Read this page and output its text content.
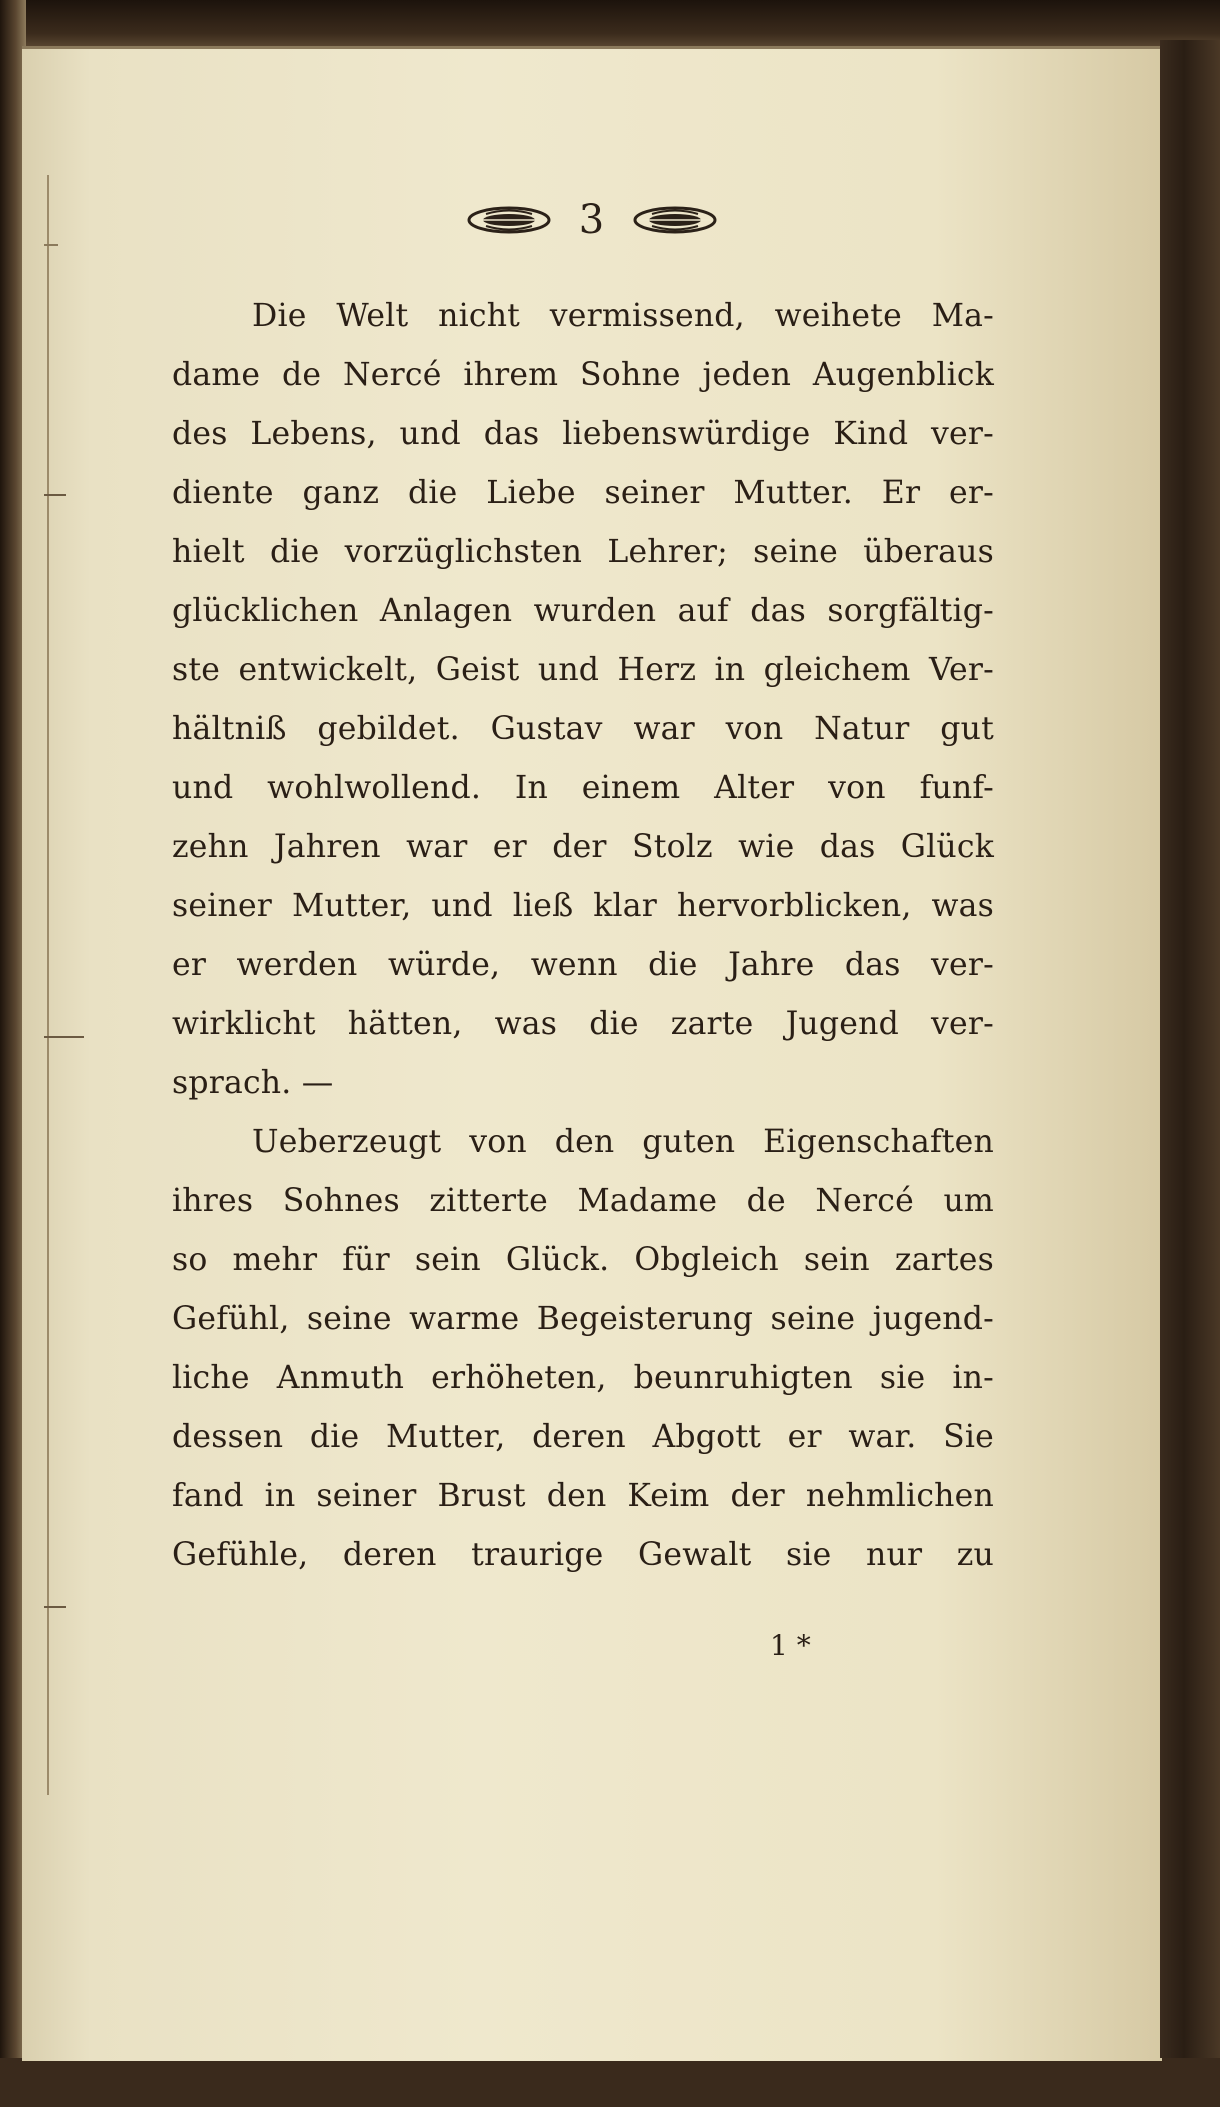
3
Die Welt nicht vermissend, weihete Ma-
dame de Nercé ihrem Sohne jeden Augenblick
des Lebens, und das liebenswürdige Kind ver-
diente ganz die Liebe seiner Mutter. Er er-
hielt die vorzüglichsten Lehrer; seine überaus
glücklichen Anlagen wurden auf das sorgfältig-
ste entwickelt, Geist und Herz in gleichem Ver-
hältniß gebildet. Gustav war von Natur gut
und wohlwollend. In einem Alter von funf-
zehn Jahren war er der Stolz wie das Glück
seiner Mutter, und ließ klar hervorblicken, was
er werden würde, wenn die Jahre das ver-
wirklicht hätten, was die zarte Jugend ver-
sprach. —
Ueberzeugt von den guten Eigenschaften
ihres Sohnes zitterte Madame de Nercé um
so mehr für sein Glück. Obgleich sein zartes
Gefühl, seine warme Begeisterung seine jugend-
liche Anmuth erhöheten, beunruhigten sie in-
dessen die Mutter, deren Abgott er war. Sie
fand in seiner Brust den Keim der nehmlichen
Gefühle, deren traurige Gewalt sie nur zu
1 *
